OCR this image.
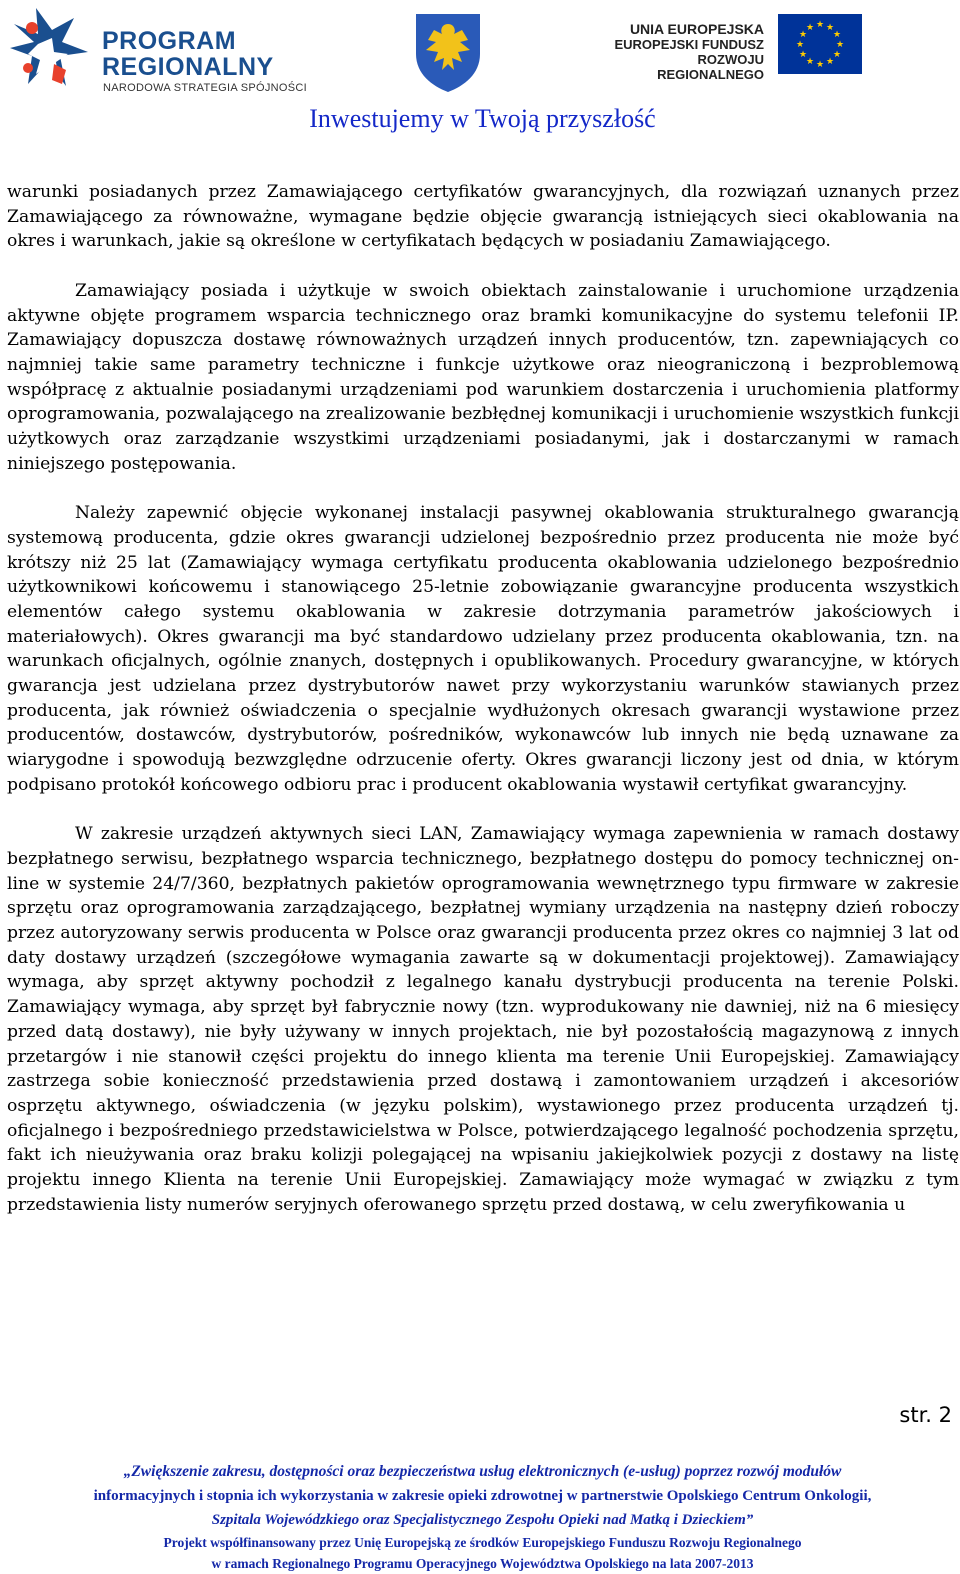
PROGRAM
REGIONALNY
NARODOWA STRATEGIA SPÓJNOŚCI
UNIA EUROPEJSKA
EUROPEJSKI FUNDUSZ
ROZWOJU REGIONALNEGO
★ ★
★
★
★
★
★
★
★
★
★
★
Inwestujemy w Twoją przyszłość

warunki posiadanych przez Zamawiającego certyfikatów gwarancyjnych, dla rozwiązań uznanych przez Zamawiającego za równoważne, wymagane będzie objęcie gwarancją istniejących sieci okablowania na okres i warunkach, jakie są określone w certyfikatach będących w posiadaniu Zamawiającego.

Zamawiający posiada i użytkuje w swoich obiektach zainstalowanie i uruchomione urządzenia aktywne objęte programem wsparcia technicznego oraz bramki komunikacyjne do systemu telefonii IP. Zamawiający dopuszcza dostawę równoważnych urządzeń innych producentów, tzn. zapewniających co najmniej takie same parametry techniczne i funkcje użytkowe oraz nieograniczoną i bezproblemową współpracę z aktualnie posiadanymi urządzeniami pod warunkiem dostarczenia i uruchomienia platformy oprogramowania, pozwalającego na zrealizowanie bezbłędnej komunikacji i uruchomienie wszystkich funkcji użytkowych oraz zarządzanie wszystkimi urządzeniami posiadanymi, jak i dostarczanymi w ramach niniejszego postępowania.

Należy zapewnić objęcie wykonanej instalacji pasywnej okablowania strukturalnego gwarancją systemową producenta, gdzie okres gwarancji udzielonej bezpośrednio przez producenta nie może być krótszy niż 25 lat (Zamawiający wymaga certyfikatu producenta okablowania udzielonego bezpośrednio użytkownikowi końcowemu i stanowiącego 25-letnie zobowiązanie gwarancyjne producenta wszystkich elementów całego systemu okablowania w zakresie dotrzymania parametrów jakościowych i materiałowych). Okres gwarancji ma być standardowo udzielany przez producenta okablowania, tzn. na warunkach oficjalnych, ogólnie znanych, dostępnych i opublikowanych. Procedury gwarancyjne, w których gwarancja jest udzielana przez dystrybutorów nawet przy wykorzystaniu warunków stawianych przez producenta, jak również oświadczenia o specjalnie wydłużonych okresach gwarancji wystawione przez producentów, dostawców, dystrybutorów, pośredników, wykonawców lub innych nie będą uznawane za wiarygodne i spowodują bezwzględne odrzucenie oferty. Okres gwarancji liczony jest od dnia, w którym podpisano protokół końcowego odbioru prac i producent okablowania wystawił certyfikat gwarancyjny.

W zakresie urządzeń aktywnych sieci LAN, Zamawiający wymaga zapewnienia w ramach dostawy bezpłatnego serwisu, bezpłatnego wsparcia technicznego, bezpłatnego dostępu do pomocy technicznej on-line w systemie 24/7/360, bezpłatnych pakietów oprogramowania wewnętrznego typu firmware w zakresie sprzętu oraz oprogramowania zarządzającego, bezpłatnej wymiany urządzenia na następny dzień roboczy przez autoryzowany serwis producenta w Polsce oraz gwarancji producenta przez okres co najmniej 3 lat od daty dostawy urządzeń (szczegółowe wymagania zawarte są w dokumentacji projektowej). Zamawiający wymaga, aby sprzęt aktywny pochodził z legalnego kanału dystrybucji producenta na terenie Polski. Zamawiający wymaga, aby sprzęt był fabrycznie nowy (tzn. wyprodukowany nie dawniej, niż na 6 miesięcy przed datą dostawy), nie były używany w innych projektach, nie był pozostałością magazynową z innych przetargów i nie stanowił części projektu do innego klienta ma terenie Unii Europejskiej. Zamawiający zastrzega sobie konieczność przedstawienia przed dostawą i zamontowaniem urządzeń i akcesoriów osprzętu aktywnego, oświadczenia (w języku polskim), wystawionego przez producenta urządzeń tj. oficjalnego i bezpośredniego przedstawicielstwa w Polsce, potwierdzającego legalność pochodzenia sprzętu, fakt ich nieużywania oraz braku kolizji polegającej na wpisaniu jakiejkolwiek pozycji z dostawy na listę projektu innego Klienta na terenie Unii Europejskiej. Zamawiający może wymagać w związku z tym przedstawienia listy numerów seryjnych oferowanego sprzętu przed dostawą, w celu zweryfikowania u

str. 2
„Zwiększenie zakresu, dostępności oraz bezpieczeństwa usług elektronicznych (e-usług) poprzez rozwój modułów
informacyjnych i stopnia ich wykorzystania w zakresie opieki zdrowotnej w partnerstwie Opolskiego Centrum Onkologii,
Szpitala Wojewódzkiego oraz Specjalistycznego Zespołu Opieki nad Matką i Dzieckiem”
Projekt współfinansowany przez Unię Europejską ze środków Europejskiego Funduszu Rozwoju Regionalnego
w ramach Regionalnego Programu Operacyjnego Województwa Opolskiego na lata 2007-2013
